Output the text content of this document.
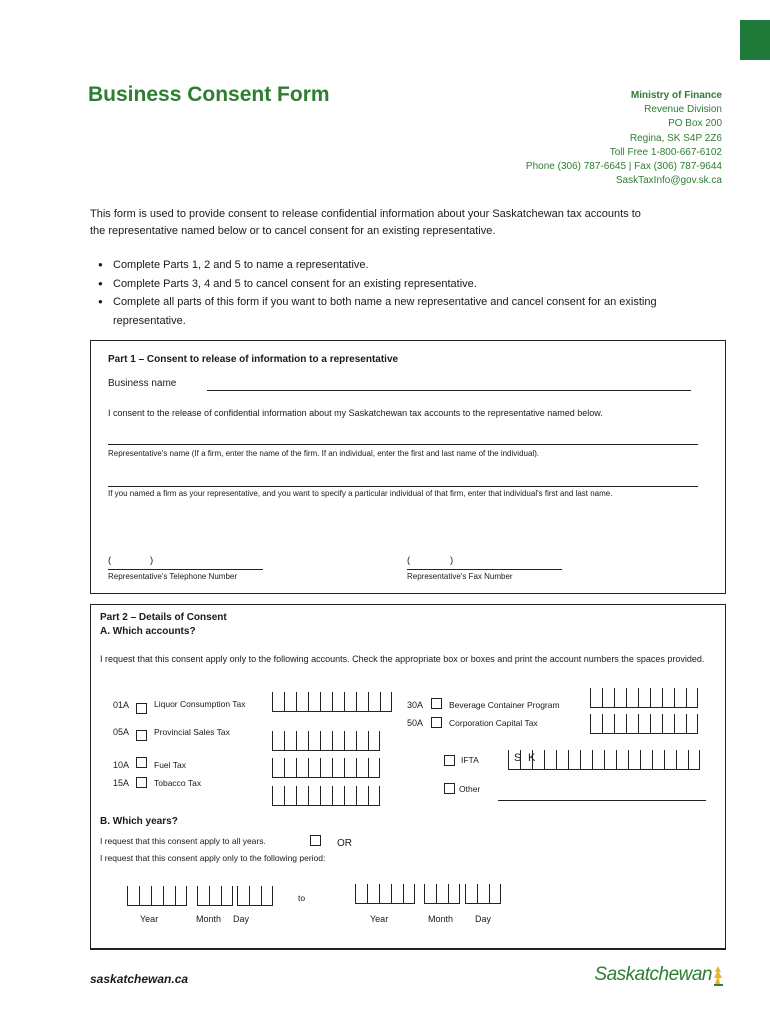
Business Consent Form	Ministry of Finance
Revenue Division
PO Box 200
Regina, SK S4P 2Z6
Toll Free 1-800-667-6102
Phone (306) 787-6645 | Fax (306) 787-9644
SaskTaxInfo@gov.sk.ca
This form is used to provide consent to release confidential information about your Saskatchewan tax accounts to the representative named below or to cancel consent for an existing representative.
● Complete Parts 1, 2 and 5 to name a representative.
● Complete Parts 3, 4 and 5 to cancel consent for an existing representative.
● Complete all parts of this form if you want to both name a new representative and cancel consent for an existing representative.
Part 1 – Consent to release of information to a representative
Business name
I consent to the release of confidential information about my Saskatchewan tax accounts to the representative named below.
Representative's name (If a firm, enter the name of the firm. If an individual, enter the first and last name of the individual).
If you named a firm as your representative, and you want to specify a particular individual of that firm, enter that individual's first and last name.
(	)
Representative's Telephone Number
(	)
Representative's Fax Number
Part 2 – Details of Consent
A. Which accounts?
I request that this consent apply only to the following accounts. Check the appropriate box or boxes and print the account numbers the spaces provided.
01A	Liquor Consumption Tax
05A	Provincial Sales Tax
10A	Fuel Tax
15A	Tobacco Tax
30A	Beverage Container Program
50A	Corporation Capital Tax
IFTA	S K
Other
B. Which years?
I request that this consent apply to all years.	OR
I request that this consent apply only to the following period:
to
Year	Month Day	Year	Month Day
saskatchewan.ca	Saskatchewan
